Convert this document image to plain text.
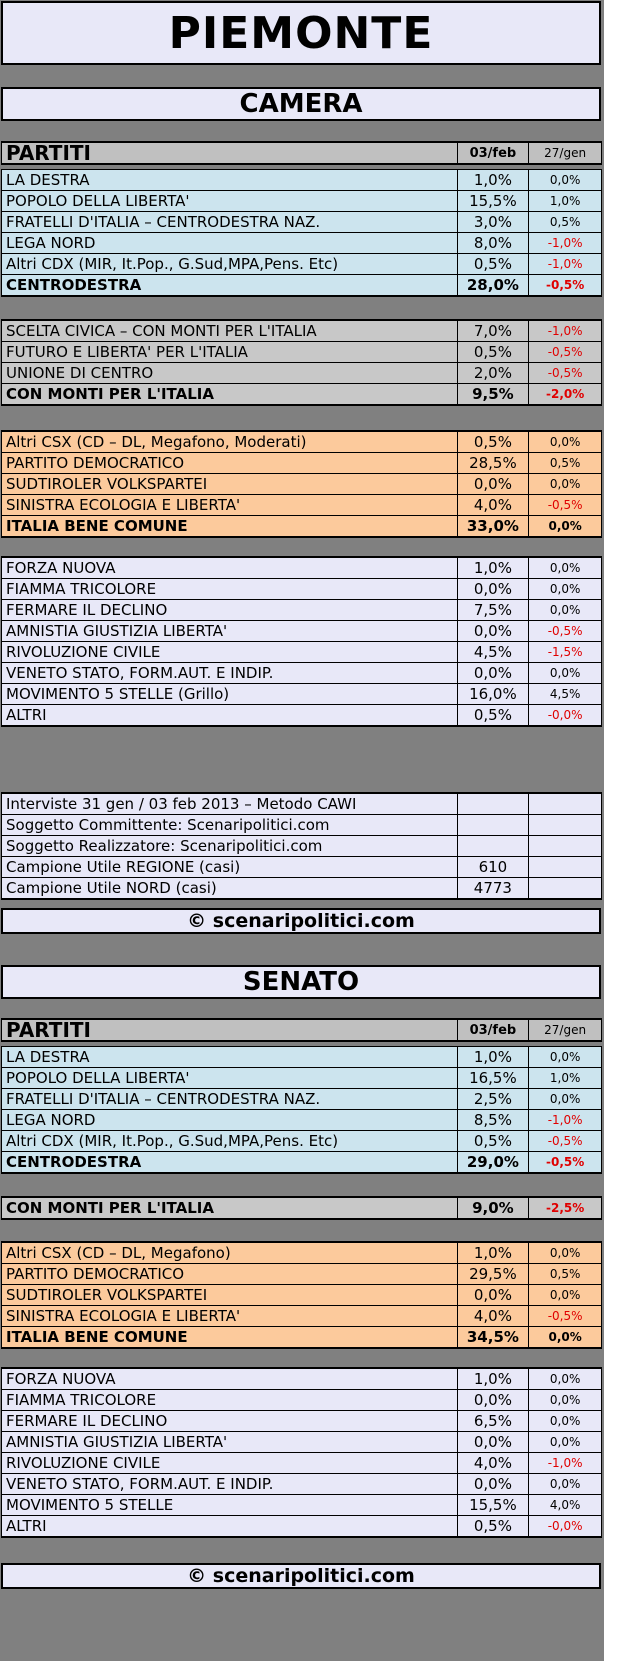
PIEMONTE
CAMERA
PARTITI	03/feb	27/gen
LA DESTRA	1,0%	0,0%
POPOLO DELLA LIBERTA'	15,5%	1,0%
FRATELLI D'ITALIA – CENTRODESTRA NAZ.	3,0%	0,5%
LEGA NORD	8,0%	-1,0%
Altri CDX (MIR, It.Pop., G.Sud,MPA,Pens. Etc)	0,5%	-1,0%
CENTRODESTRA	28,0%	-0,5%
SCELTA CIVICA – CON MONTI PER L'ITALIA	7,0%	-1,0%
FUTURO E LIBERTA' PER L'ITALIA	0,5%	-0,5%
UNIONE DI CENTRO	2,0%	-0,5%
CON MONTI PER L'ITALIA	9,5%	-2,0%
Altri CSX (CD – DL, Megafono, Moderati)	0,5%	0,0%
PARTITO DEMOCRATICO	28,5%	0,5%
SUDTIROLER VOLKSPARTEI	0,0%	0,0%
SINISTRA ECOLOGIA E LIBERTA'	4,0%	-0,5%
ITALIA BENE COMUNE	33,0%	0,0%
FORZA NUOVA	1,0%	0,0%
FIAMMA TRICOLORE	0,0%	0,0%
FERMARE IL DECLINO	7,5%	0,0%
AMNISTIA GIUSTIZIA LIBERTA'	0,0%	-0,5%
RIVOLUZIONE CIVILE	4,5%	-1,5%
VENETO STATO, FORM.AUT. E INDIP.	0,0%	0,0%
MOVIMENTO 5 STELLE (Grillo)	16,0%	4,5%
ALTRI	0,5%	-0,0%
Interviste 31 gen / 03 feb 2013 – Metodo CAWI		
Soggetto Committente: Scenaripolitici.com		
Soggetto Realizzatore: Scenaripolitici.com		
Campione Utile REGIONE (casi)	610	
Campione Utile NORD (casi)	4773	
© scenaripolitici.com
SENATO
PARTITI	03/feb	27/gen
LA DESTRA	1,0%	0,0%
POPOLO DELLA LIBERTA'	16,5%	1,0%
FRATELLI D'ITALIA – CENTRODESTRA NAZ.	2,5%	0,0%
LEGA NORD	8,5%	-1,0%
Altri CDX (MIR, It.Pop., G.Sud,MPA,Pens. Etc)	0,5%	-0,5%
CENTRODESTRA	29,0%	-0,5%
CON MONTI PER L'ITALIA	9,0%	-2,5%
Altri CSX (CD – DL, Megafono)	1,0%	0,0%
PARTITO DEMOCRATICO	29,5%	0,5%
SUDTIROLER VOLKSPARTEI	0,0%	0,0%
SINISTRA ECOLOGIA E LIBERTA'	4,0%	-0,5%
ITALIA BENE COMUNE	34,5%	0,0%
FORZA NUOVA	1,0%	0,0%
FIAMMA TRICOLORE	0,0%	0,0%
FERMARE IL DECLINO	6,5%	0,0%
AMNISTIA GIUSTIZIA LIBERTA'	0,0%	0,0%
RIVOLUZIONE CIVILE	4,0%	-1,0%
VENETO STATO, FORM.AUT. E INDIP.	0,0%	0,0%
MOVIMENTO 5 STELLE	15,5%	4,0%
ALTRI	0,5%	-0,0%
© scenaripolitici.com
